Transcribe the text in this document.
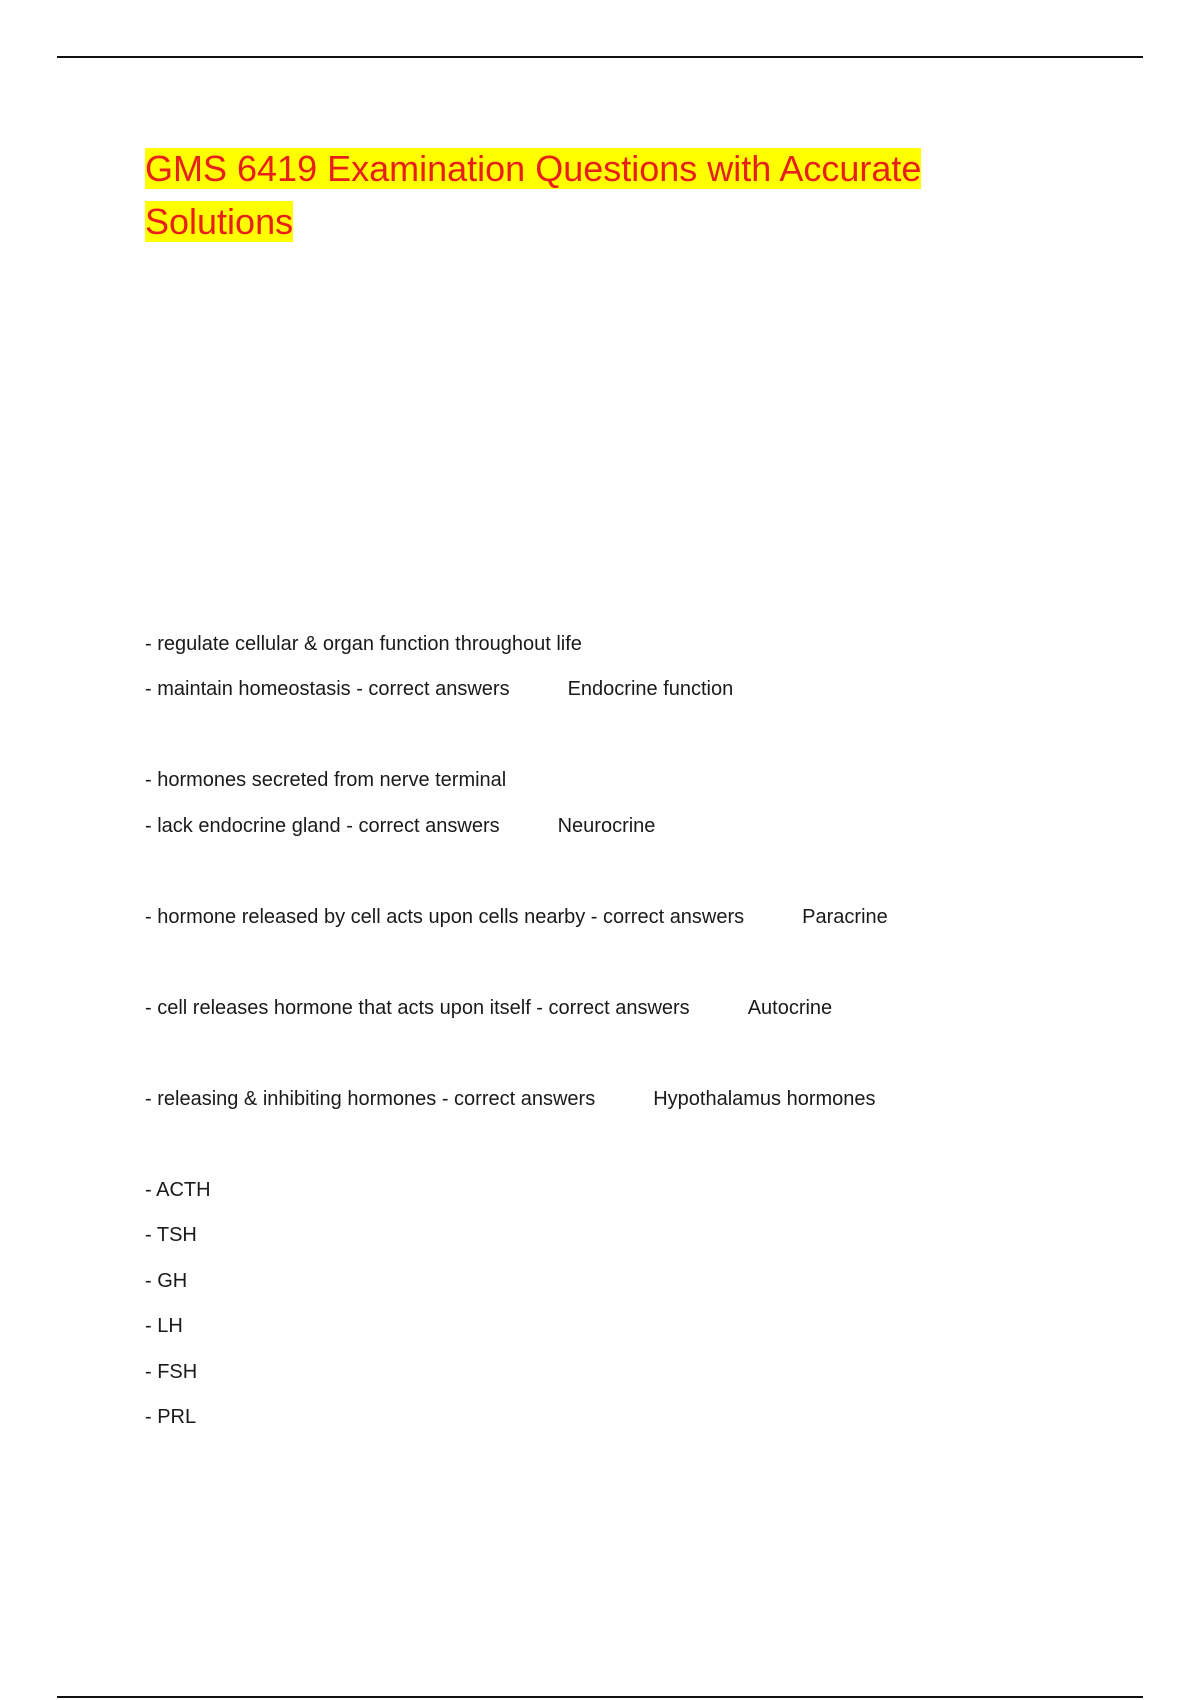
GMS 6419 Examination Questions with Accurate Solutions
- regulate cellular & organ function throughout life
- maintain homeostasis - correct answers	Endocrine function
- hormones secreted from nerve terminal
- lack endocrine gland - correct answers	Neurocrine
- hormone released by cell acts upon cells nearby - correct answers	Paracrine
- cell releases hormone that acts upon itself - correct answers	Autocrine
- releasing & inhibiting hormones - correct answers	Hypothalamus hormones
- ACTH
- TSH
- GH
- LH
- FSH
- PRL
